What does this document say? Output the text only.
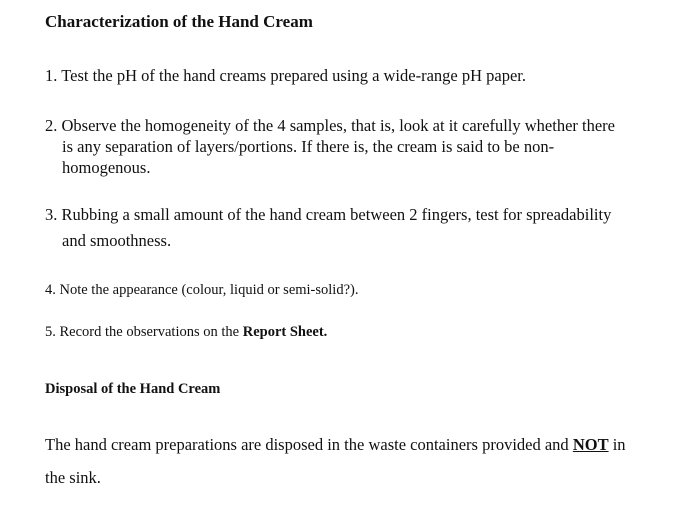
Characterization of the Hand Cream
1. Test the pH of the hand creams prepared using a wide-range pH paper.
2. Observe the homogeneity of the 4 samples, that is, look at it carefully whether there
is any separation of layers/portions. If there is, the cream is said to be non-
homogenous.
3. Rubbing a small amount of the hand cream between 2 fingers, test for spreadability
and smoothness.
4. Note the appearance (colour, liquid or semi-solid?).
5. Record the observations on the Report Sheet.
Disposal of the Hand Cream
The hand cream preparations are disposed in the waste containers provided and NOT in
the sink.
